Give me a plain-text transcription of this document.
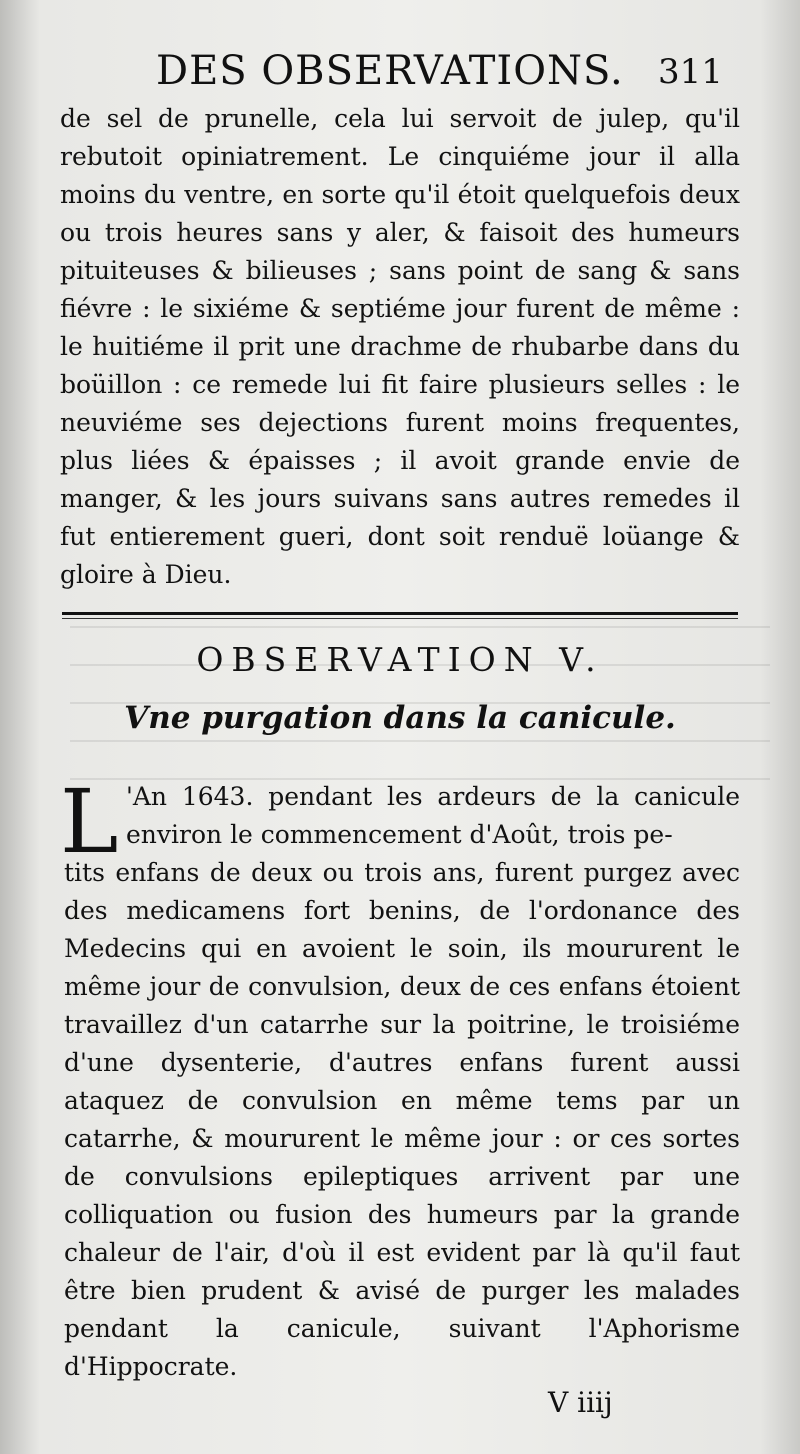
DES OBSERVATIONS. 311

de sel de prunelle, cela lui servoit de julep, qu'il rebutoit opiniatrement. Le cinquiéme jour il alla moins du ventre, en sorte qu'il étoit quelquefois deux ou trois heures sans y aler, & faisoit des humeurs pituiteuses & bilieuses ; sans point de sang & sans fiévre : le sixiéme & septiéme jour furent de même : le huitiéme il prit une drachme de rhubarbe dans du boüillon : ce remede lui fit faire plusieurs selles : le neuviéme ses dejections furent moins frequentes, plus liées & épaisses ; il avoit grande envie de manger, & les jours suivans sans autres remedes il fut entierement gueri, dont soit renduë loüange & gloire à Dieu.

OBSERVATION V.
Vne purgation dans la canicule.
L 'An 1643. pendant les ardeurs de la canicule environ le commencement d'Août, trois pe-

tits enfans de deux ou trois ans, furent purgez avec des medicamens fort benins, de l'ordonance des Medecins qui en avoient le soin, ils moururent le même jour de convulsion, deux de ces enfans étoient travaillez d'un catarrhe sur la poitrine, le troisiéme d'une dysenterie, d'autres enfans furent aussi ataquez de convulsion en même tems par un catarrhe, & moururent le même jour : or ces sortes de convulsions epileptiques arrivent par une colliquation ou fusion des humeurs par la grande chaleur de l'air, d'où il est evident par là qu'il faut être bien prudent & avisé de purger les malades pendant la canicule, suivant l'Aphorisme d'Hippocrate.

V iiij
